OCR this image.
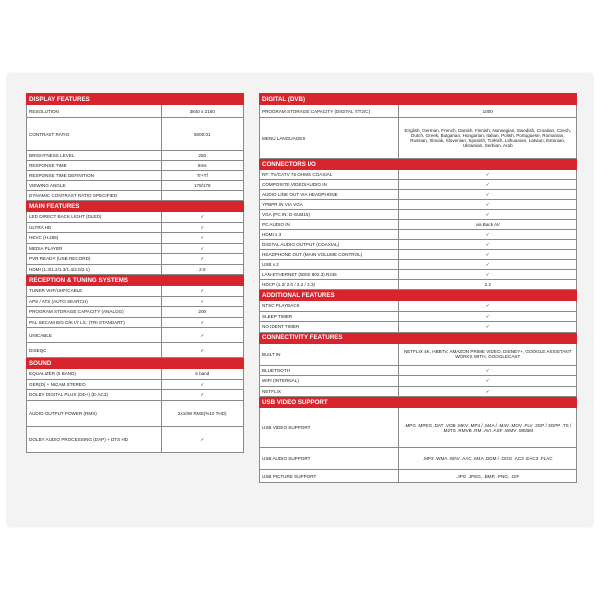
DISPLAY FEATURES	
RESOLUTION	3840 x 2160
CONTRAST RATIO	5000:01
BRIGHTNESS LEVEL	250
RESPONSE TIME	8ms
RESPONSE TIME DEFINITION	Tr+Tf
VIEWING ANGLE	178/178
DYNAMIC CONTRAST RATIO SPECIFIED	
MAIN FEATURES	
LED DIRECT BACK LIGHT (DLED)	✓
ULTRA HD	✓
HEVC (H.265)	✓
MEDIA PLAYER	✓
PVR READY (USB RECORD)	✓
HDMI (1.3/1.2/1.3/1.4/2.0/2.1)	2.0
RECEPTION & TUNING SYSTEMS	
TUNER VHF/UHF/CABLE	✓
APS / ATS (AUTO SEARCH)	✓
PROGRAM STORAGE CAPACITY (ANALOG)	200
PAL SECAM B/G D/K I/I' L/L' (TRI STANDART)	✓
UNICABLE	✓
DISEQC	✓
SOUND	
EQUALIZER (5 BAND)	5 band
GER(D) + NICAM STEREO	✓
DOLBY DIGITAL PLUS (DD+) (E-AC3)	✓
AUDIO OUTPUT POWER (RMS)	2x10W RMS(%10 THD)
DOLBY AUDIO PROCESSING (DAP) + DTS HD	✓
DIGITAL (DVB)	
PROGRAM STORAGE CAPACITY (DIGITAL T/T2/C)	1000
MENU LANGUAGES	English, German, French, Danish, Finnish, Norwegian, Swedish, Croatian, Czech, Dutch, Greek, Bulgarian, Hungarian, Italian, Polish, Portuguese, Romanian, Russian, Slovak, Slovenian, Spanish, Turkish, Lithuanian, Latvian, Estonian, Ukrainian, Serbian, Arab
CONNECTORS I/O	
RF: TV/CATV 75 OHMS COAXIAL	✓
COMPOSITE VIDEO/AUDIO IN	✓
AUDIO LINE OUT VIA HEADPHONE	✓
YPBPR IN VIA VGA	✓
VGA (PC IN: D-SUB15)	✓
PC AUDIO IN	via Back AV
HDMI x 3	✓
DIGITAL AUDIO OUTPUT (COAXIAL)	✓
HEADPHONE OUT (MAIN VOLUME CONTROL)	✓
USB x 2	✓
LAN-ETHERNET (IEEE 802.3) RJ45	✓
HDCP (1.2/ 2.0 / 2.2 / 2.3)	2.2
ADDITIONAL FEATURES	
NTSC PLAYBACK	✓
SLEEP TIMER	✓
NO IDENT TIMER	✓
CONNECTIVITY FEATURES	
BUILT IN	NETFLIX 4K, HBBTV, AMAZON PRIME VIDEO, DISNEY+, GOOGLE ASSISTANT WORKS WITH, GOOGLECAST
BLUETOOTH	✓
WIFI (INTERNAL)	✓
NETFLIX	✓
USB VIDEO SUPPORT	
USB VIDEO SUPPORT	.MPG .MPEG .DAT .VOB .MKV .MP4 / .M4A / .M4V .MOV .FLV .3GP / 3GPP .TS / .M2TS .RMVB .RM .AVI .ASF .WMV .WEBM
USB AUDIO SUPPORT	.MP3 .WMA .WAV .AAC .M4A .DDM / .OGG .AC3 .EAC3 .FLAC
USB PICTURE SUPPORT	.JPG .JPEG, .BMP, .PNG, .GIF
